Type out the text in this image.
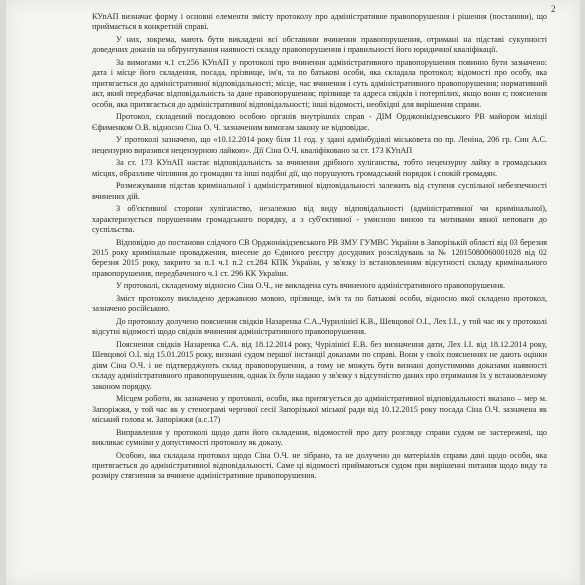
2

КУпАП визначає форму і основні елементи змісту протоколу про адміністративне правопорушення і рішення (постанови), що приймається в конкретній справі.

У них, зокрема, мають бути викладені всі обставини вчинення правопорушення, отримані на підставі сукупності доведених доказів на обґрунтування наявності складу правопорушення і правильності його юридичної кваліфікації.

За вимогами ч.1 ст.256 КУпАП у протоколі про вчинення адміністративного правопорушення повинно бути зазначено: дата і місце його складення, посада, прізвище, ім'я, та по батькові особи, яка складала протокол; відомості про особу, яка притягається до адміністративної відповідальності; місце, час вчинення і суть адміністративного правопорушення; нормативний акт, який передбачає відповідальність за дане правопорушення; прізвище та адреса свідків і потерпілих, якщо вони є; пояснення особи, яка притягається до адміністративної відповідальності; інші відомості, необхідні для вирішення справи.

Протокол, складений посадовою особою органів внутрішніх справ - ДІМ Орджонікідзевського РВ майором міліції Єфименком О.В. відносно Сіна О. Ч. зазначеним вимогам закону не відповідає.

У протоколі зазначено, що «10.12.2014 року біля 11 год. у здані адмінбудівлі міськовета по пр. Леніна, 206 гр. Син А.С. нецензурно виразився нецензурною лайкою». Дії Сіна О.Ч. кваліфіковано за ст. 173 КУпАП

За ст. 173 КУпАП настає відповідальність за вчинення дрібного хуліганства, тобто нецензурну лайку в громадських місцях, образливе чіпляння до громадян та інші подібні дії, що порушують громадський порядок і спокій громадян.

Розмежування підстав кримінальної і адміністративної відповідальності залежить від ступеня суспільної небезпечності вчинених дій.

З об'єктивної сторони хуліганство, незалежно від виду відповідальності (адміністративної чи кримінальної), характеризується порушенням громадського порядку, а з суб'єктивної - умисною виною та мотивами явної неповаги до суспільства.

Відповідно до постанови слідчого СВ Орджонікідзевського РВ ЗМУ ГУМВС України в Запорізькій області від 03 березня 2015 року кримінальне провадження, внесене до Єдиного реєстру досудових розслідувань за № 12015080060001028 від 02 березня 2015 року, закрито за п.1 ч.1 п.2 ст.284 КПК України, у зв'язку із встановленням відсутності складу кримінального правопорушення, передбаченого ч.1 ст. 296 КК України.

У протоколі, складеному відносно Сіна О.Ч., не викладена суть вчиненого адміністративного правопорушення.

Зміст протоколу викладено державною мовою, прізвище, ім'я та по батькові особи, відносно якої складено протокол, зазначено російською.

До протоколу долучено пояснення свідків Назаренка С.А.,Чурилінієї К.В., Шевцової О.І., Лех І.І., у той час як у протоколі відсутні відомості щодо свідків вчинення адміністративного правопорушення.

Пояснення свідків Назаренка С.А. від 18.12.2014 року, Чурілінієї Е.В. без визначення дати, Лех І.І. від 18.12.2014 року, Шевцової О.І. від 15.01.2015 року, визнані судом першої інстанції доказами по справі. Вони у своїх поясненнях не дають оцінки діям Сіна О.Ч. і не підтверджують склад правопорушення, а тому не можуть бути визнані допустимими доказами наявності складу адміністративного правопорушення, однак їх були надано у зв'язку з відсутністю даних про отримання їх у встановленому законом порядку.

Місцем роботи, як зазначено у протоколі, особи, яка притягується до адміністративної відповідальності вказано – мер м. Запоріжжя, у той час як у стенограмі чергової сесії Запорізької міської ради від 10.12.2015 року посада Сіна О.Ч. зазначена як міський голова м. Запоріжжя (а.с.17)

Виправлення у протоколі щодо дати його складення, відомостей про дату розгляду справи судом не застережені, що викликає сумніви у допустимості протоколу як доказу.

Особою, яка складала протокол щодо Сіна О.Ч. не зібрано, та не долучено до матеріалів справи дані щодо особи, яка притягається до адміністративної відповідальності. Саме ці відомості приймаються судом при вирішенні питання щодо виду та розміру стягнення за вчинене адміністративне правопорушення.
